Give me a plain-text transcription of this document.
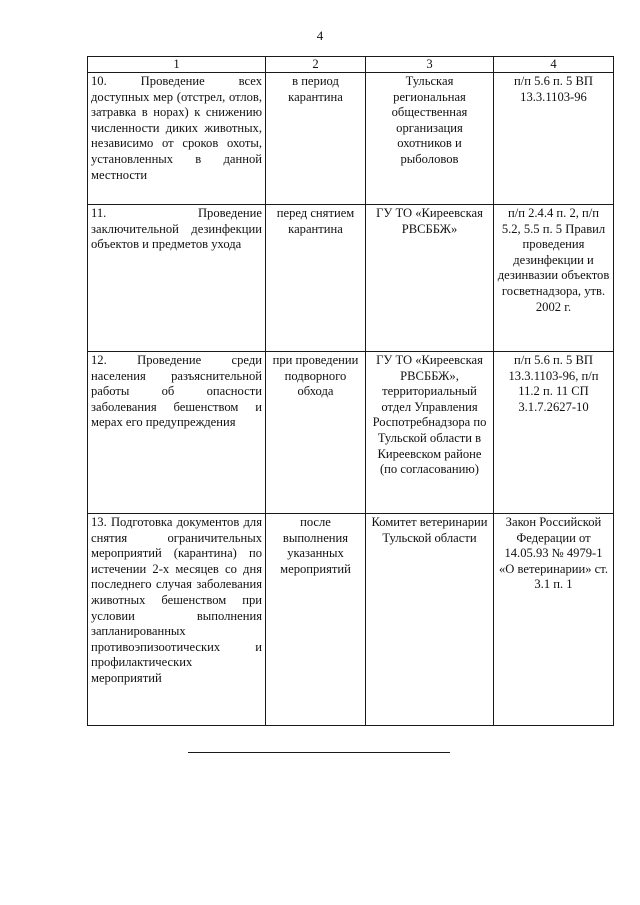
4
1	2	3	4
10. Проведение всех доступных мер (отстрел, отлов, затравка в норах) к снижению численности диких животных, независимо от сроков охоты, установленных в данной местности	в период карантина	Тульская региональная общественная организация охотников и рыболовов	п/п 5.6 п. 5 ВП 13.3.1103-96
11. Проведение заключительной дезинфекции объектов и предметов ухода	перед снятием карантина	ГУ ТО «Киреевская РВСББЖ»	п/п 2.4.4 п. 2, п/п 5.2, 5.5 п. 5 Правил проведения дезинфекции и дезинвазии объектов госветнадзора, утв. 2002 г.
12. Проведение среди населения разъяснительной работы об опасности заболевания бешенством и мерах его предупреждения	при проведении подворного обхода	ГУ ТО «Киреевская РВСББЖ», территориальный отдел Управления Роспотребнадзора по Тульской области в Киреевском районе (по согласованию)	п/п 5.6 п. 5 ВП 13.3.1103-96, п/п 11.2 п. 11 СП 3.1.7.2627-10
13. Подготовка документов для снятия ограничительных мероприятий (карантина) по истечении 2-х месяцев со дня последнего случая заболевания животных бешенством при условии выполнения запланированных противоэпизоотических и профилактических мероприятий	после выполнения указанных мероприятий	Комитет ветеринарии Тульской области	Закон Российской Федерации от 14.05.93 № 4979-1 «О ветеринарии» ст. 3.1 п. 1
